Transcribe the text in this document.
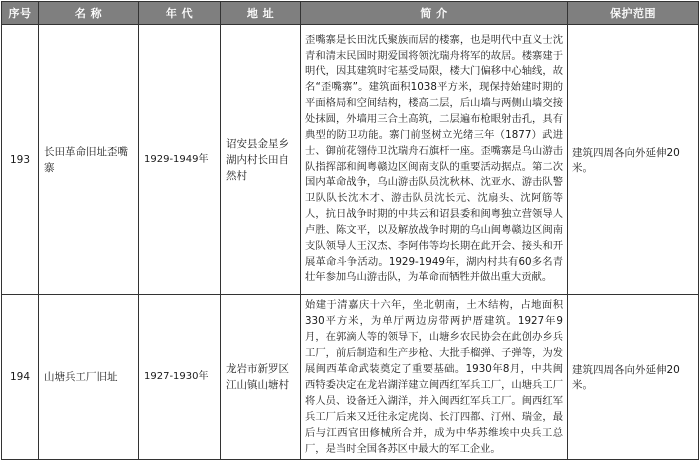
序号	名 称	年 代	地 址	简 介	保护范围
193	长田革命旧址歪嘴寨	1929-1949年	诏安县金星乡湖内村长田自然村	歪嘴寨是长田沈氏聚族而居的楼寨，也是明代中直义士沈青和清末民国时期爱国将领沈瑞舟将军的故居。楼寨建于明代，因其建筑时宅基受局限，楼大门偏移中心轴线，故名“歪嘴寨”。建筑面积1038平方米，现保持始建时期的平面格局和空间结构，楼高二层，后山墙与两侧山墙交接处抹圆，外墙用三合土高筑，二层遍布枪眼射击孔，具有典型的防卫功能。寨门前竖树立光绪三年（1877）武进士、御前花翎侍卫沈瑞舟石旗杆一座。歪嘴寨是乌山游击队指挥部和闽粤赣边区闽南支队的重要活动据点。第二次国内革命战争，乌山游击队员沈秋林、沈亚水、游击队警卫队队长沈木才、游击队员沈长元、沈扇头、沈阿筋等人，抗日战争时期的中共云和诏县委和闽粤独立营领导人卢胜、陈文平，以及解放战争时期的乌山闽粤赣边区闽南支队领导人王汉杰、李阿伟等均长期在此开会、接头和开展革命斗争活动。1929-1949年，湖内村共有60多名青壮年参加乌山游击队，为革命而牺牲并做出重大贡献。	建筑四周各向外延伸20米。
194	山塘兵工厂旧址	1927-1930年	龙岩市新罗区江山镇山塘村	始建于清嘉庆十六年，坐北朝南，土木结构，占地面积330平方米，为单厅两边房带两护厝建筑。1927年9月，在郭滴人等的领导下，山塘乡农民协会在此创办乡兵工厂，前后制造和生产步枪、大批手榴弹、子弹等，为发展闽西革命武装奠定了重要基础。1930年8月，中共闽西特委决定在龙岩湖洋建立闽西红军兵工厂，山塘兵工厂将人员、设备迁入湖洋，并入闽西红军兵工厂。闽西红军兵工厂后来又迁往永定虎岗、长汀四都、汀州、瑞金，最后与江西官田修械所合并，成为中华苏维埃中央兵工总厂，是当时全国各苏区中最大的军工企业。	建筑四周各向外延伸20米。
